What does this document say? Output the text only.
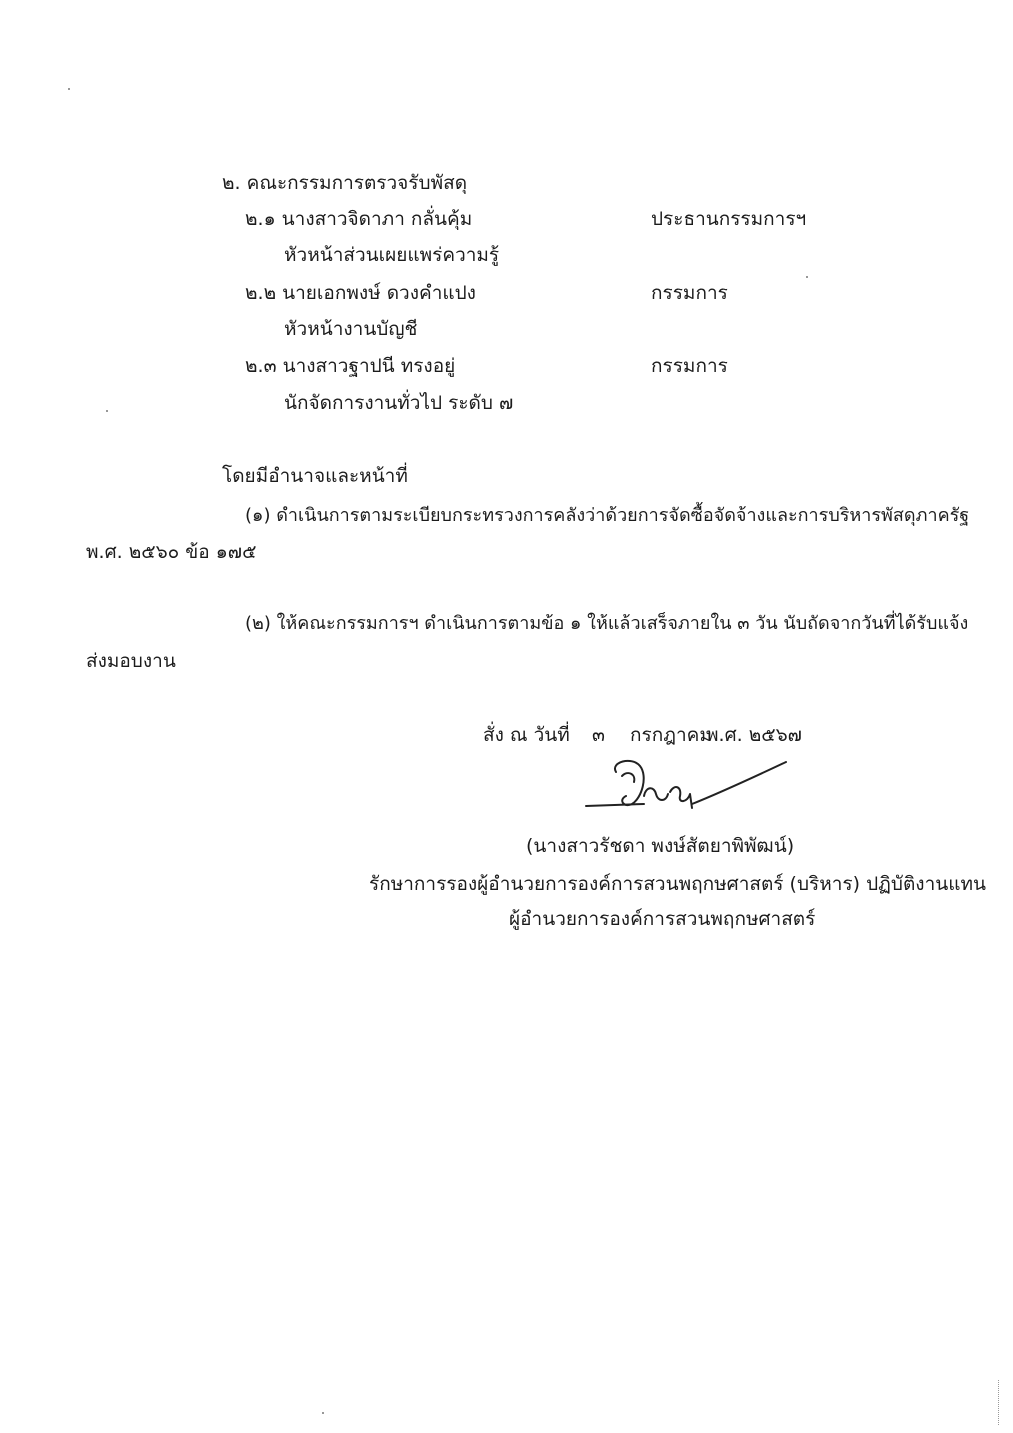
๒. คณะกรรมการตรวจรับพัสดุ
๒.๑ นางสาวจิดาภา กลั่นคุ้ม	ประธานกรรมการฯ
หัวหน้าส่วนเผยแพร่ความรู้
๒.๒ นายเอกพงษ์ ดวงคำแปง	กรรมการ
หัวหน้างานบัญชี
๒.๓ นางสาวฐาปนี ทรงอยู่	กรรมการ
นักจัดการงานทั่วไป ระดับ ๗
โดยมีอำนาจและหน้าที่
(๑) ดำเนินการตามระเบียบกระทรวงการคลังว่าด้วยการจัดซื้อจัดจ้างและการบริหารพัสดุภาครัฐ
พ.ศ. ๒๕๖๐ ข้อ ๑๗๕
(๒) ให้คณะกรรมการฯ ดำเนินการตามข้อ ๑ ให้แล้วเสร็จภายใน ๓ วัน นับถัดจากวันที่ได้รับแจ้ง
ส่งมอบงาน
สั่ง ณ วันที่ ๓ กรกฎาคม
พ.ศ. ๒๕๖๗
(นางสาวรัชดา พงษ์สัตยาพิพัฒน์)
รักษาการรองผู้อำนวยการองค์การสวนพฤกษศาสตร์ (บริหาร) ปฏิบัติงานแทน
ผู้อำนวยการองค์การสวนพฤกษศาสตร์
